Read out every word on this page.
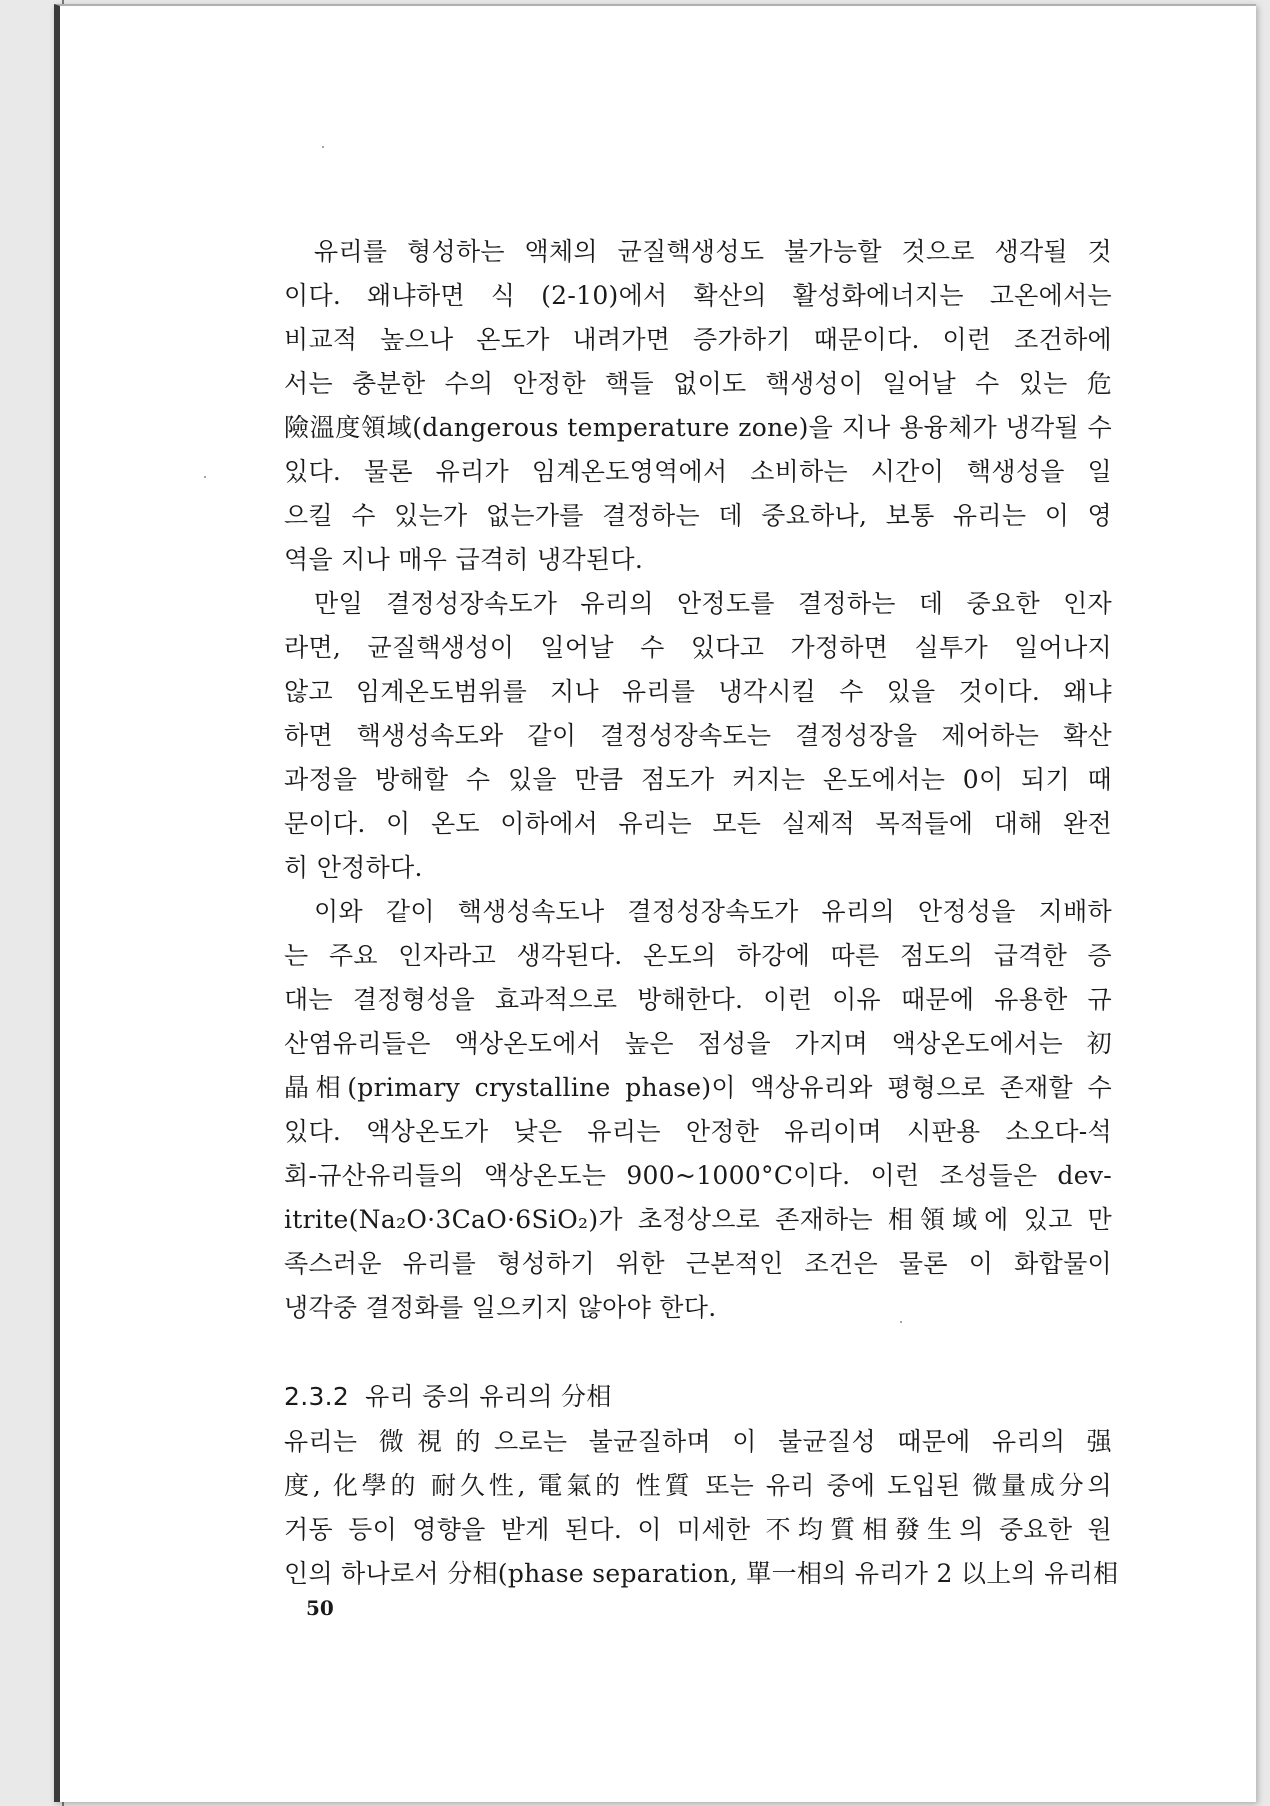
유리를 형성하는 액체의 균질핵생성도 불가능할 것으로 생각될 것
이다. 왜냐하면 식 (2-10)에서 확산의 활성화에너지는 고온에서는
비교적 높으나 온도가 내려가면 증가하기 때문이다. 이런 조건하에
서는 충분한 수의 안정한 핵들 없이도 핵생성이 일어날 수 있는 危
險溫度領域(dangerous temperature zone)을 지나 용융체가 냉각될 수
있다. 물론 유리가 임계온도영역에서 소비하는 시간이 핵생성을 일
으킬 수 있는가 없는가를 결정하는 데 중요하나, 보통 유리는 이 영
역을 지나 매우 급격히 냉각된다.
만일 결정성장속도가 유리의 안정도를 결정하는 데 중요한 인자
라면, 균질핵생성이 일어날 수 있다고 가정하면 실투가 일어나지
않고 임계온도범위를 지나 유리를 냉각시킬 수 있을 것이다. 왜냐
하면 핵생성속도와 같이 결정성장속도는 결정성장을 제어하는 확산
과정을 방해할 수 있을 만큼 점도가 커지는 온도에서는 0이 되기 때
문이다. 이 온도 이하에서 유리는 모든 실제적 목적들에 대해 완전
히 안정하다.
이와 같이 핵생성속도나 결정성장속도가 유리의 안정성을 지배하
는 주요 인자라고 생각된다. 온도의 하강에 따른 점도의 급격한 증
대는 결정형성을 효과적으로 방해한다. 이런 이유 때문에 유용한 규
산염유리들은 액상온도에서 높은 점성을 가지며 액상온도에서는 初
晶相(primary crystalline phase)이 액상유리와 평형으로 존재할 수
있다. 액상온도가 낮은 유리는 안정한 유리이며 시판용 소오다-석
회-규산유리들의 액상온도는 900~1000°C이다. 이런 조성들은 dev-
itrite(Na₂O·3CaO·6SiO₂)가 초정상으로 존재하는 相領域에 있고 만
족스러운 유리를 형성하기 위한 근본적인 조건은 물론 이 화합물이
냉각중 결정화를 일으키지 않아야 한다.
2.3.2 유리 중의 유리의 分相
유리는 微視的으로는 불균질하며 이 불균질성 때문에 유리의 强
度, 化學的 耐久性, 電氣的 性質 또는 유리 중에 도입된 微量成分의
거동 등이 영향을 받게 된다. 이 미세한 不均質相發生의 중요한 원
인의 하나로서 分相(phase separation, 單一相의 유리가 2 以上의 유리相
50
